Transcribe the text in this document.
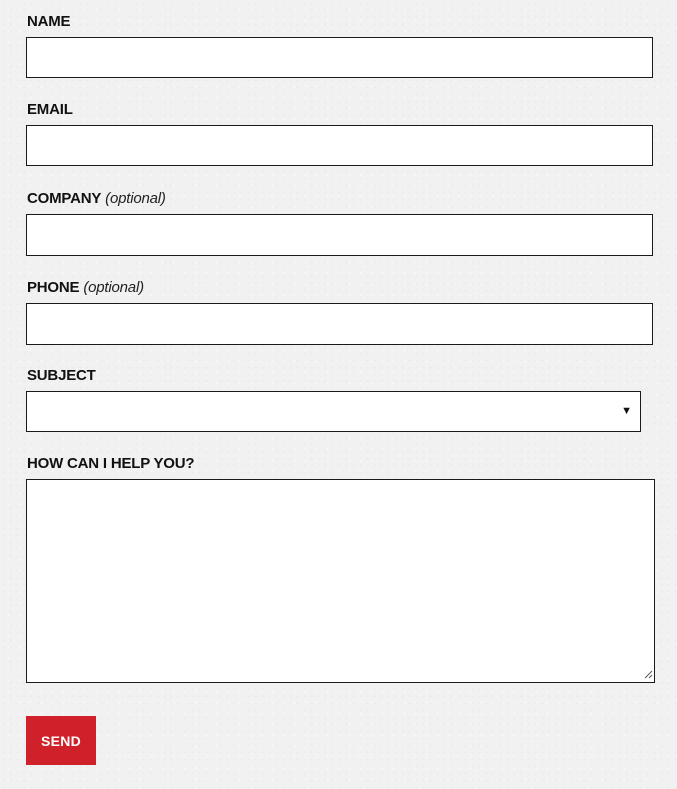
NAME
EMAIL
COMPANY (optional)
PHONE (optional)
SUBJECT
▼
HOW CAN I HELP YOU?
SEND
